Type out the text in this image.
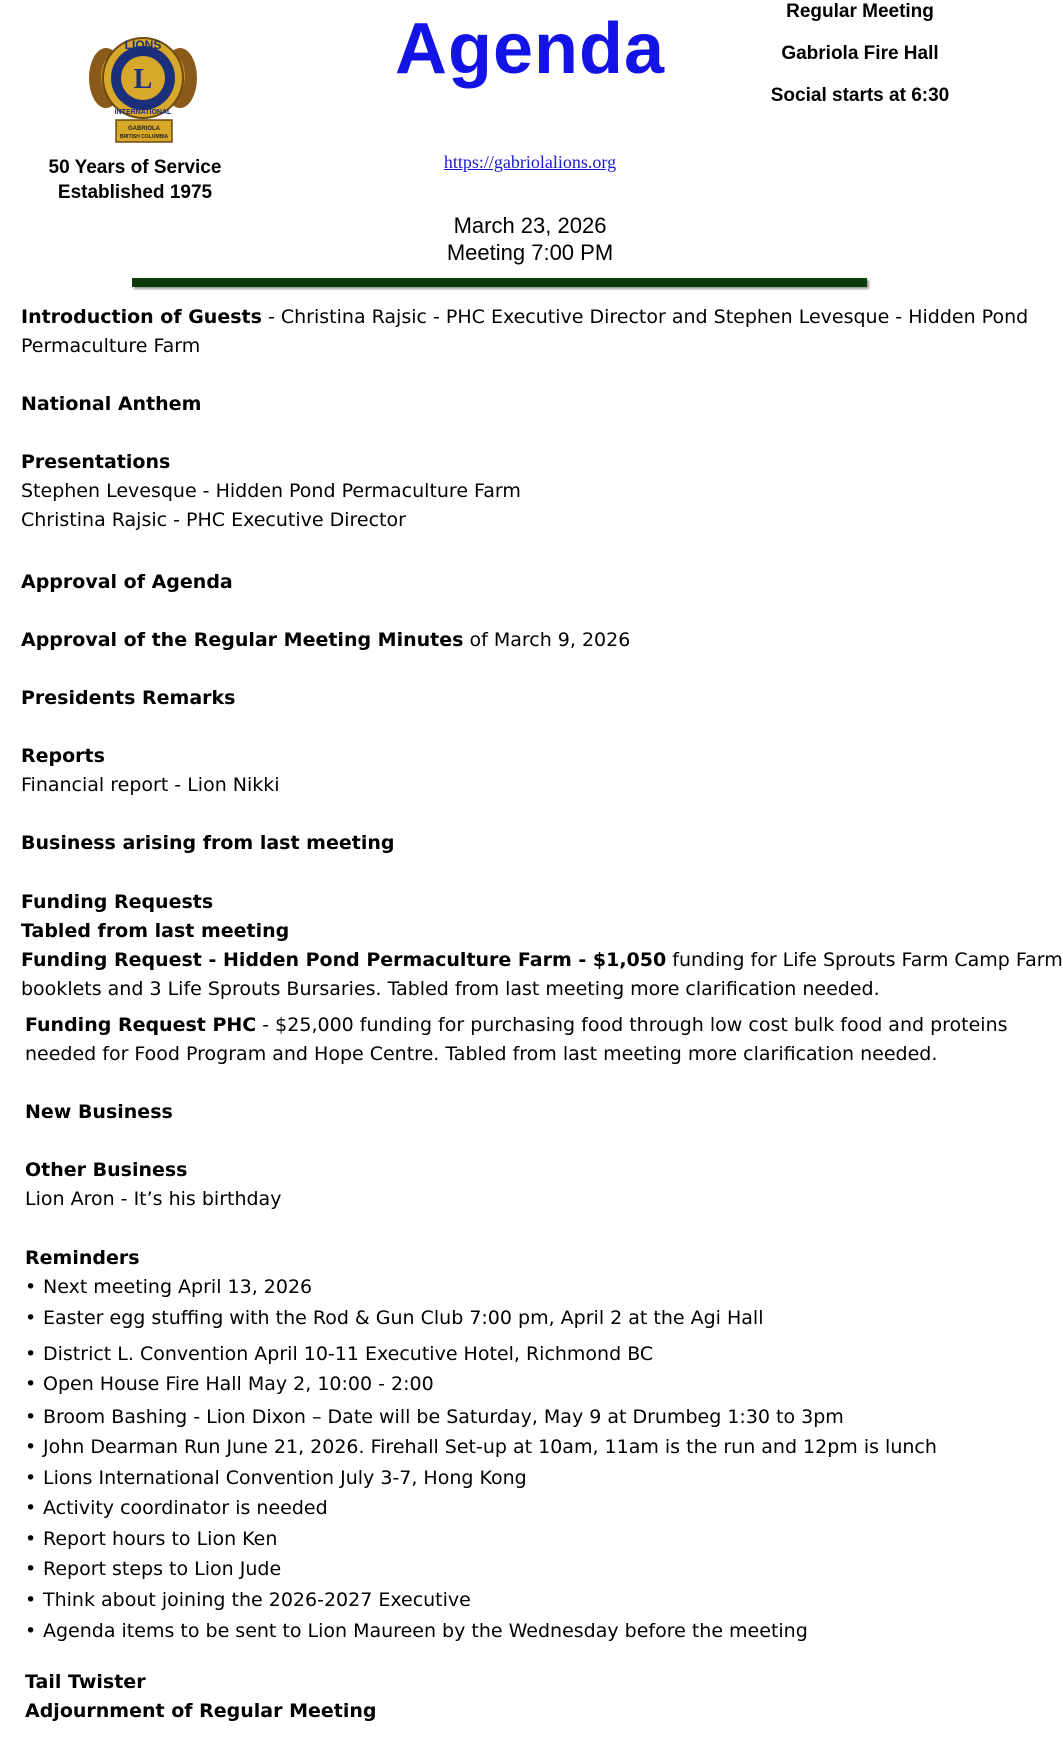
GABRIOLA
BRITISH COLUMBIA
LIONS
L
INTERNATIONAL
50 Years of Service
Established 1975
Agenda
https://gabriolalions.org
March 23, 2026
Meeting 7:00 PM
Regular Meeting
Gabriola Fire Hall
Social starts at 6:30
Introduction of Guests - Christina Rajsic - PHC Executive Director and Stephen Levesque - Hidden Pond
Permaculture Farm
National Anthem
Presentations
Stephen Levesque - Hidden Pond Permaculture Farm
Christina Rajsic - PHC Executive Director
Approval of Agenda
Approval of the Regular Meeting Minutes of March 9, 2026
Presidents Remarks
Reports
Financial report - Lion Nikki
Business arising from last meeting
Funding Requests
Tabled from last meeting
Funding Request - Hidden Pond Permaculture Farm - $1,050 funding for Life Sprouts Farm Camp Farm
booklets and 3 Life Sprouts Bursaries. Tabled from last meeting more clarification needed.
Funding Request PHC - $25,000 funding for purchasing food through low cost bulk food and proteins
needed for Food Program and Hope Centre. Tabled from last meeting more clarification needed.
New Business
Other Business
Lion Aron - It’s his birthday
Reminders
• Next meeting April 13, 2026
• Easter egg stuffing with the Rod & Gun Club 7:00 pm, April 2 at the Agi Hall
• District L. Convention April 10-11 Executive Hotel, Richmond BC
• Open House Fire Hall May 2, 10:00 - 2:00
• Broom Bashing - Lion Dixon – Date will be Saturday, May 9 at Drumbeg 1:30 to 3pm
• John Dearman Run June 21, 2026. Firehall Set-up at 10am, 11am is the run and 12pm is lunch
• Lions International Convention July 3-7, Hong Kong
• Activity coordinator is needed
• Report hours to Lion Ken
• Report steps to Lion Jude
• Think about joining the 2026-2027 Executive
• Agenda items to be sent to Lion Maureen by the Wednesday before the meeting
Tail Twister
Adjournment of Regular Meeting
